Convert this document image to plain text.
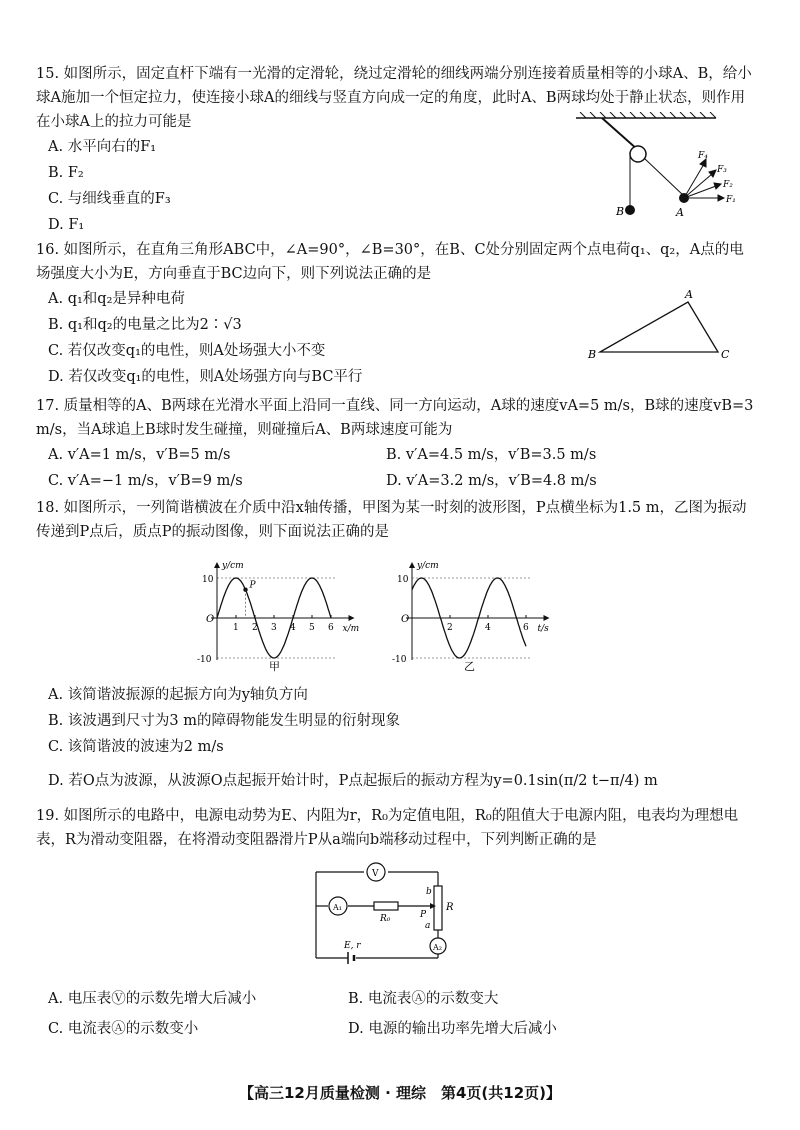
15. 如图所示，固定直杆下端有一光滑的定滑轮，绕过定滑轮的细线两端分别连接着质量相等的小球A、B，给小球A施加一个恒定拉力，使连接小球A的细线与竖直方向成一定的角度，此时A、B两球均处于静止状态，则作用在小球A上的拉力可能是

A. 水平向右的F₁
B. F₂
C. 与细线垂直的F₃
D. F₁
B	A
F₁
F₂
F₃
F₄

16. 如图所示，在直角三角形ABC中，∠A=90°，∠B=30°，在B、C处分别固定两个点电荷q₁、q₂，A点的电场强度大小为E，方向垂直于BC边向下，则下列说法正确的是

A. q₁和q₂是异种电荷
B. q₁和q₂的电量之比为2∶√3
C. 若仅改变q₁的电性，则A处场强大小不变
D. 若仅改变q₁的电性，则A处场强方向与BC平行
A
B	C

17. 质量相等的A、B两球在光滑水平面上沿同一直线、同一方向运动，A球的速度vA=5 m/s，B球的速度vB=3 m/s，当A球追上B球时发生碰撞，则碰撞后A、B两球速度可能为

A. v′A=1 m/s，v′B=5 m/s	B. v′A=4.5 m/s，v′B=3.5 m/s
C. v′A=−1 m/s，v′B=9 m/s	D. v′A=3.2 m/s，v′B=4.8 m/s

18. 如图所示，一列简谐横波在介质中沿x轴传播，甲图为某一时刻的波形图，P点横坐标为1.5 m，乙图为振动传递到P点后，质点P的振动图像，则下面说法正确的是

y/cm
x/m
O
10
-10
1 2 3 4 5 6
P
甲
y/cm
t/s
O
10
-10
2	4	6
乙
A. 该简谐波振源的起振方向为y轴负方向
B. 该波遇到尺寸为3 m的障碍物能发生明显的衍射现象
C. 该简谐波的波速为2 m/s
D. 若O点为波源，从波源O点起振开始计时，P点起振后的振动方程为y=0.1sin(π/2 t−π/4) m

19. 如图所示的电路中，电源电动势为E、内阻为r，R₀为定值电阻，R₀的阻值大于电源内阻，电表均为理想电表，R为滑动变阻器，在将滑动变阻器滑片P从a端向b端移动过程中，下列判断正确的是

V
A₁
A₂
R₀
R
P
b
a
E, r
A. 电压表Ⓥ的示数先增大后减小	B. 电流表Ⓐ的示数变大
C. 电流表Ⓐ的示数变小	D. 电源的输出功率先增大后减小
【高三12月质量检测 · 理综　第4页(共12页)】
